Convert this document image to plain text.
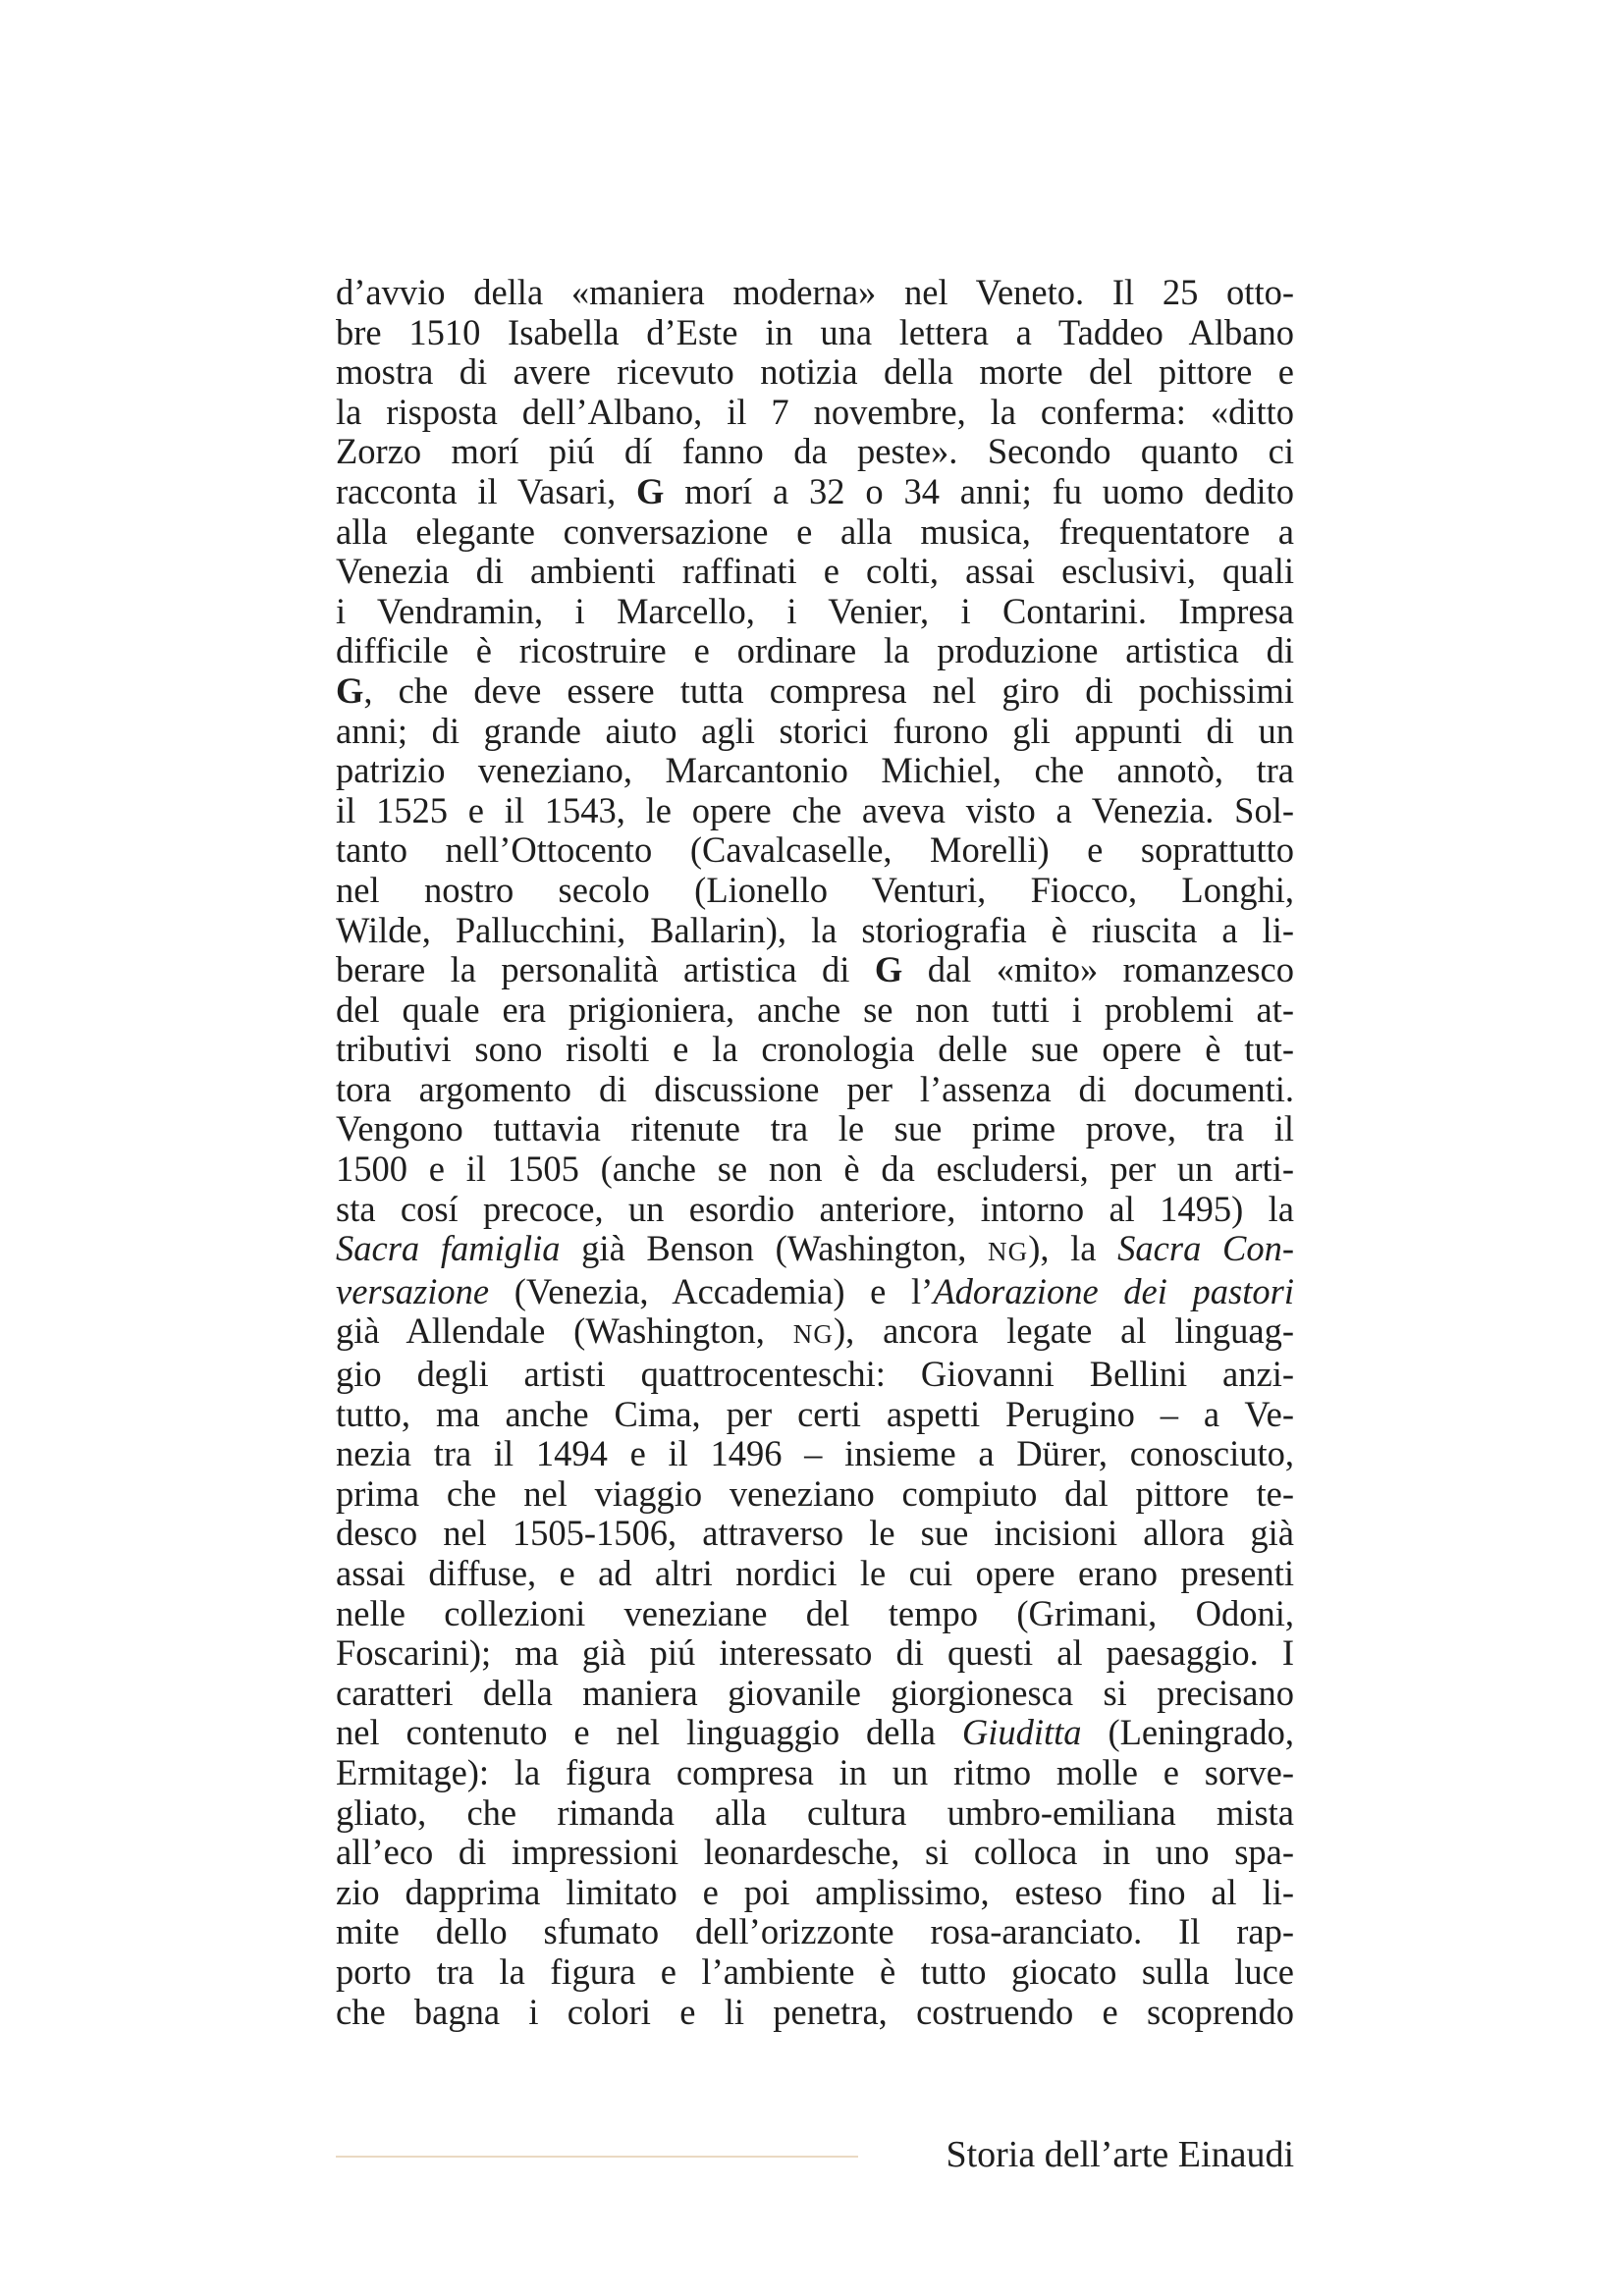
d’avvio della «maniera moderna» nel Veneto. Il 25 otto-
bre 1510 Isabella d’Este in una lettera a Taddeo Albano
mostra di avere ricevuto notizia della morte del pittore e
la risposta dell’Albano, il 7 novembre, la conferma: «ditto
Zorzo morí piú dí fanno da peste». Secondo quanto ci
racconta il Vasari, G morí a 32 o 34 anni; fu uomo dedito
alla elegante conversazione e alla musica, frequentatore a
Venezia di ambienti raffinati e colti, assai esclusivi, quali
i Vendramin, i Marcello, i Venier, i Contarini. Impresa
difficile è ricostruire e ordinare la produzione artistica di
G, che deve essere tutta compresa nel giro di pochissimi
anni; di grande aiuto agli storici furono gli appunti di un
patrizio veneziano, Marcantonio Michiel, che annotò, tra
il 1525 e il 1543, le opere che aveva visto a Venezia. Sol-
tanto nell’Ottocento (Cavalcaselle, Morelli) e soprattutto
nel nostro secolo (Lionello Venturi, Fiocco, Longhi,
Wilde, Pallucchini, Ballarin), la storiografia è riuscita a li-
berare la personalità artistica di G dal «mito» romanzesco
del quale era prigioniera, anche se non tutti i problemi at-
tributivi sono risolti e la cronologia delle sue opere è tut-
tora argomento di discussione per l’assenza di documenti.
Vengono tuttavia ritenute tra le sue prime prove, tra il
1500 e il 1505 (anche se non è da escludersi, per un arti-
sta cosí precoce, un esordio anteriore, intorno al 1495) la
Sacra famiglia già Benson (Washington, NG), la Sacra Con-
versazione (Venezia, Accademia) e l’Adorazione dei pastori
già Allendale (Washington, NG), ancora legate al linguag-
gio degli artisti quattrocenteschi: Giovanni Bellini anzi-
tutto, ma anche Cima, per certi aspetti Perugino – a Ve-
nezia tra il 1494 e il 1496 – insieme a Dürer, conosciuto,
prima che nel viaggio veneziano compiuto dal pittore te-
desco nel 1505-1506, attraverso le sue incisioni allora già
assai diffuse, e ad altri nordici le cui opere erano presenti
nelle collezioni veneziane del tempo (Grimani, Odoni,
Foscarini); ma già piú interessato di questi al paesaggio. I
caratteri della maniera giovanile giorgionesca si precisano
nel contenuto e nel linguaggio della Giuditta (Leningrado,
Ermitage): la figura compresa in un ritmo molle e sorve-
gliato, che rimanda alla cultura umbro-emiliana mista
all’eco di impressioni leonardesche, si colloca in uno spa-
zio dapprima limitato e poi amplissimo, esteso fino al li-
mite dello sfumato dell’orizzonte rosa-aranciato. Il rap-
porto tra la figura e l’ambiente è tutto giocato sulla luce
che bagna i colori e li penetra, costruendo e scoprendo
Storia dell’arte Einaudi
